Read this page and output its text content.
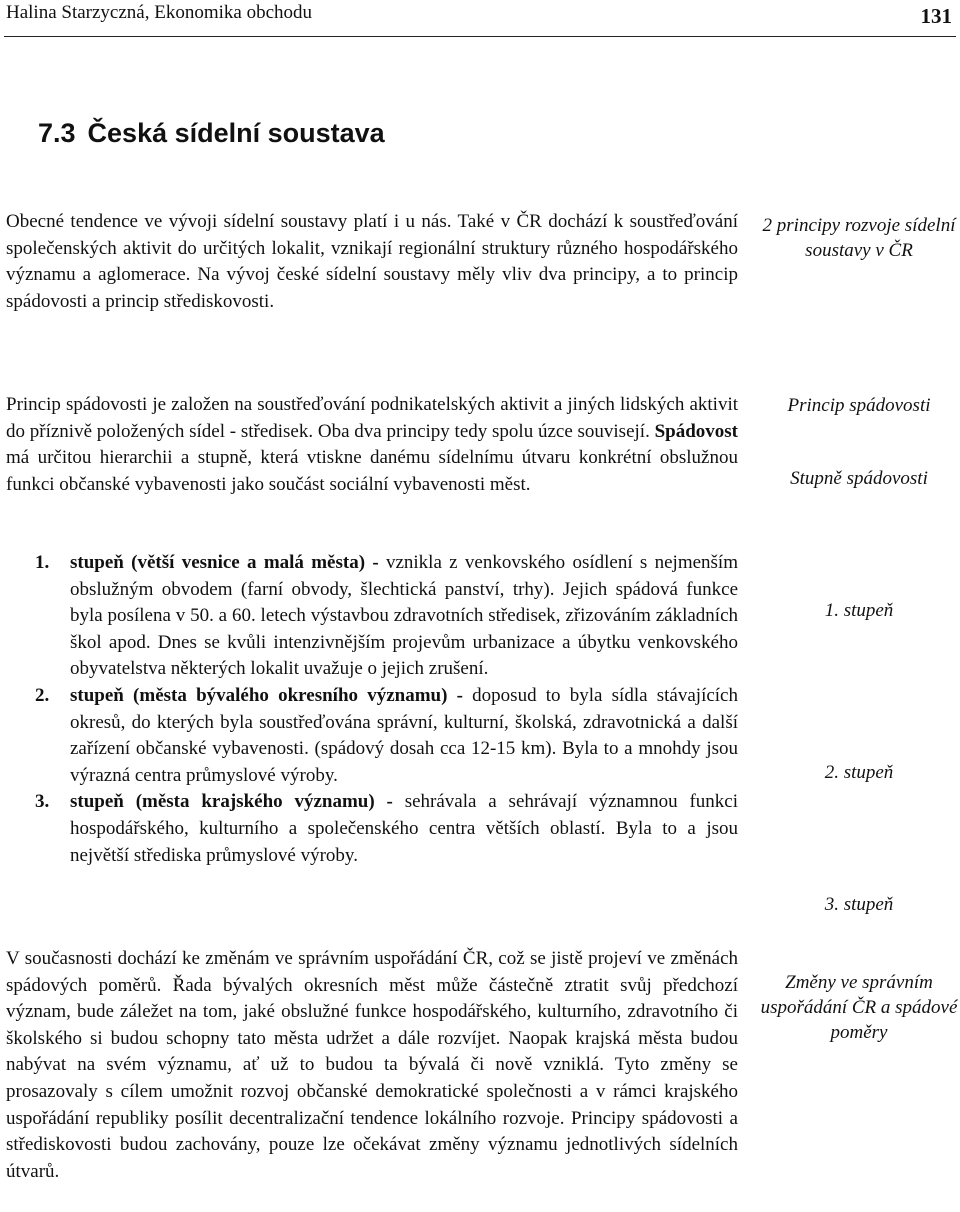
Halina Starzyczná, Ekonomika obchodu	131
7.3 Česká sídelní soustava

Obecné tendence ve vývoji sídelní soustavy platí i u nás. Také v ČR dochází k soustřeďování společenských aktivit do určitých lokalit, vznikají regionální struktury různého hospodářského významu a aglomerace. Na vývoj české sídelní soustavy měly vliv dva principy, a to princip spádovosti a princip střediskovosti.

2 principy rozvoje sídelní soustavy v ČR

Princip spádovosti je založen na soustřeďování podnikatelských aktivit a jiných lidských aktivit do příznivě položených sídel - středisek. Oba dva principy tedy spolu úzce souvisejí. Spádovost má určitou hierarchii a stupně, která vtiskne danému sídelnímu útvaru konkrétní obslužnou funkci občanské vybavenosti jako součást sociální vybavenosti měst.

Princip spádovosti
Stupně spádovosti
1. stupeň (větší vesnice a malá města) - vznikla z venkovského osídlení s nejmenším obslužným obvodem (farní obvody, šlechtická panství, trhy). Jejich spádová funkce byla posílena v 50. a 60. letech výstavbou zdravotních středisek, zřizováním základních škol apod. Dnes se kvůli intenzivnějším projevům urbanizace a úbytku venkovského obyvatelstva některých lokalit uvažuje o jejich zrušení.
2. stupeň (města bývalého okresního významu) - doposud to byla sídla stávajících okresů, do kterých byla soustřeďována správní, kulturní, školská, zdravotnická a další zařízení občanské vybavenosti. (spádový dosah cca 12-15 km). Byla to a mnohdy jsou výrazná centra průmyslové výroby.
3. stupeň (města krajského významu) - sehrávala a sehrávají významnou funkci hospodářského, kulturního a společenského centra větších oblastí. Byla to a jsou největší střediska průmyslové výroby.
1. stupeň
2. stupeň
3. stupeň

V současnosti dochází ke změnám ve správním uspořádání ČR, což se jistě projeví ve změnách spádových poměrů. Řada bývalých okresních měst může částečně ztratit svůj předchozí význam, bude záležet na tom, jaké obslužné funkce hospodářského, kulturního, zdravotního či školského si budou schopny tato města udržet a dále rozvíjet. Naopak krajská města budou nabývat na svém významu, ať už to budou ta bývalá či nově vzniklá. Tyto změny se prosazovaly s cílem umožnit rozvoj občanské demokratické společnosti a v rámci krajského uspořádání republiky posílit decentralizační tendence lokálního rozvoje. Principy spádovosti a střediskovosti budou zachovány, pouze lze očekávat změny významu jednotlivých sídelních útvarů.

Změny ve správním uspořádání ČR a spádové poměry
